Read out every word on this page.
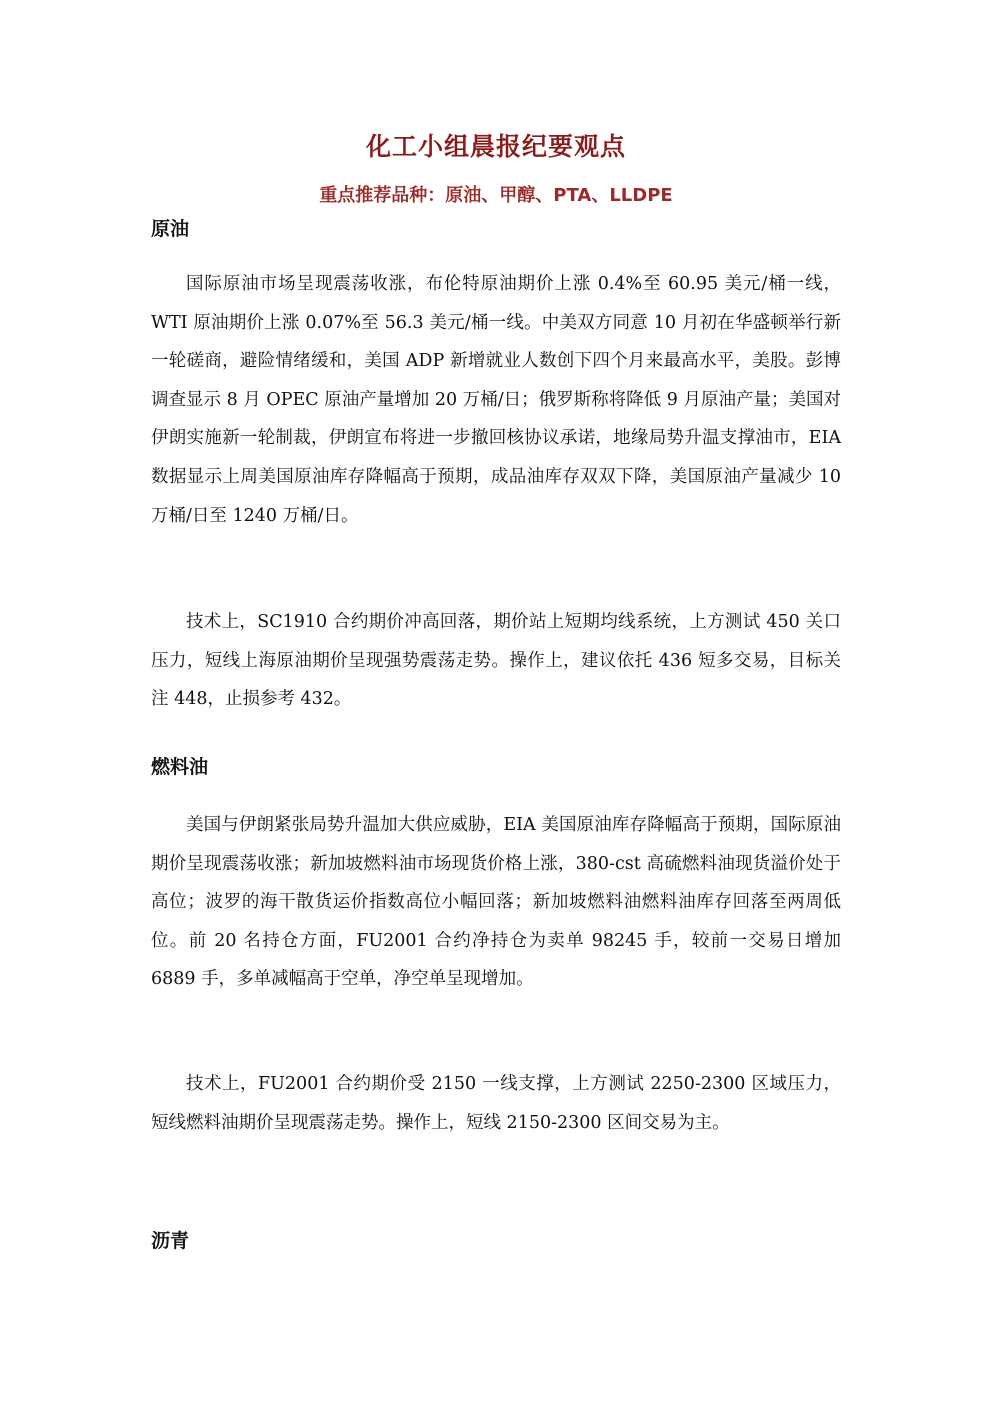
化工小组晨报纪要观点
重点推荐品种：原油、甲醇、PTA、LLDPE
原油

国际原油市场呈现震荡收涨，布伦特原油期价上涨 0.4%至 60.95 美元/桶一线，WTI 原油期价上涨 0.07%至 56.3 美元/桶一线。中美双方同意 10 月初在华盛顿举行新一轮磋商，避险情绪缓和，美国 ADP 新增就业人数创下四个月来最高水平，美股。彭博调查显示 8 月 OPEC 原油产量增加 20 万桶/日；俄罗斯称将降低 9 月原油产量；美国对伊朗实施新一轮制裁，伊朗宣布将进一步撤回核协议承诺，地缘局势升温支撑油市，EIA 数据显示上周美国原油库存降幅高于预期，成品油库存双双下降，美国原油产量减少 10 万桶/日至 1240 万桶/日。

技术上，SC1910 合约期价冲高回落，期价站上短期均线系统，上方测试 450 关口压力，短线上海原油期价呈现强势震荡走势。操作上，建议依托 436 短多交易，目标关注 448，止损参考 432。

燃料油

美国与伊朗紧张局势升温加大供应威胁，EIA 美国原油库存降幅高于预期，国际原油期价呈现震荡收涨；新加坡燃料油市场现货价格上涨，380-cst 高硫燃料油现货溢价处于高位；波罗的海干散货运价指数高位小幅回落；新加坡燃料油燃料油库存回落至两周低位。前 20 名持仓方面，FU2001 合约净持仓为卖单 98245 手，较前一交易日增加 6889 手，多单减幅高于空单，净空单呈现增加。

技术上，FU2001 合约期价受 2150 一线支撑，上方测试 2250-2300 区域压力，短线燃料油期价呈现震荡走势。操作上，短线 2150-2300 区间交易为主。

沥青
